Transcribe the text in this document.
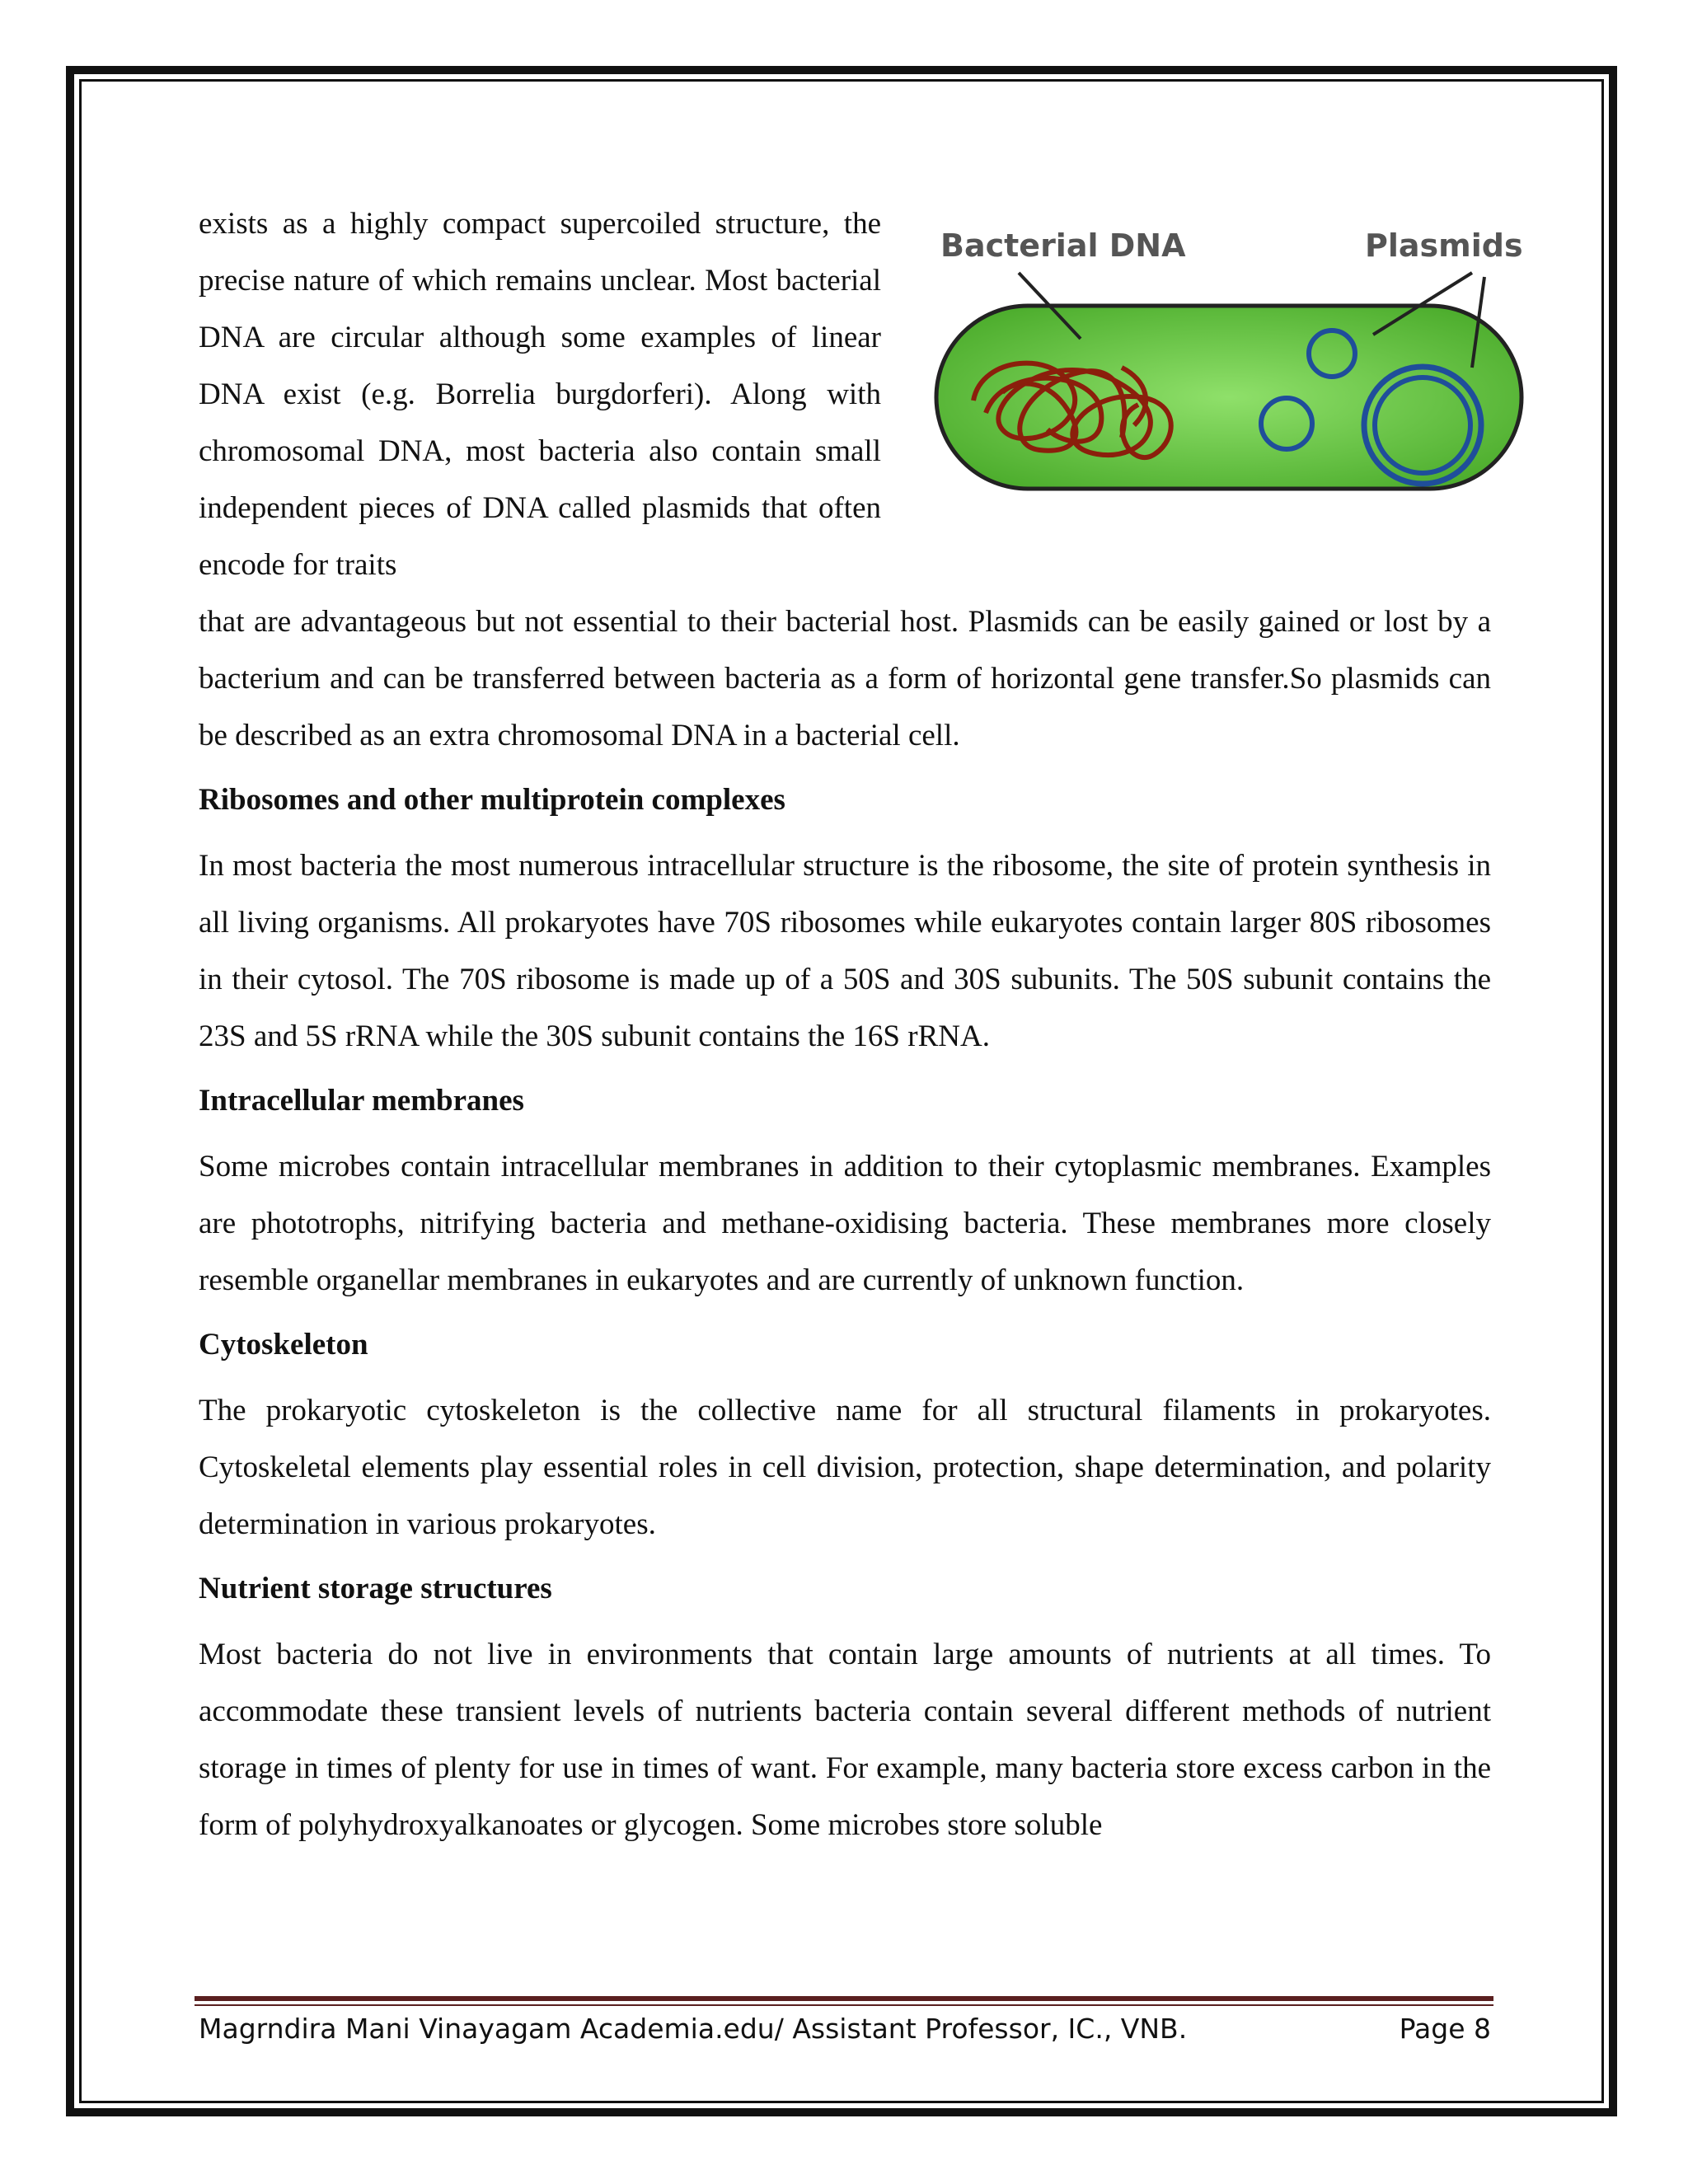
Bacterial DNA	Plasmids

exists as a highly compact supercoiled structure, the precise nature of which remains unclear. Most bacterial DNA are circular although some examples of linear DNA exist (e.g. Borrelia burgdorferi). Along with chromosomal DNA, most bacteria also contain small independent pieces of DNA called plasmids that often encode for traits

that are advantageous but not essential to their bacterial host. Plasmids can be easily gained or lost by a bacterium and can be transferred between bacteria as a form of horizontal gene transfer.So plasmids can be described as an extra chromosomal DNA in a bacterial cell.

Ribosomes and other multiprotein complexes

In most bacteria the most numerous intracellular structure is the ribosome, the site of protein synthesis in all living organisms. All prokaryotes have 70S ribosomes while eukaryotes contain larger 80S ribosomes in their cytosol. The 70S ribosome is made up of a 50S and 30S subunits. The 50S subunit contains the 23S and 5S rRNA while the 30S subunit contains the 16S rRNA.

Intracellular membranes

Some microbes contain intracellular membranes in addition to their cytoplasmic membranes. Examples are phototrophs, nitrifying bacteria and methane-oxidising bacteria. These membranes more closely resemble organellar membranes in eukaryotes and are currently of unknown function.

Cytoskeleton

The prokaryotic cytoskeleton is the collective name for all structural filaments in prokaryotes. Cytoskeletal elements play essential roles in cell division, protection, shape determination, and polarity determination in various prokaryotes.

Nutrient storage structures

Most bacteria do not live in environments that contain large amounts of nutrients at all times. To accommodate these transient levels of nutrients bacteria contain several different methods of nutrient storage in times of plenty for use in times of want. For example, many bacteria store excess carbon in the form of polyhydroxyalkanoates or glycogen. Some microbes store soluble

Magrndira Mani Vinayagam Academia.edu/ Assistant Professor, IC., VNB.	Page 8
